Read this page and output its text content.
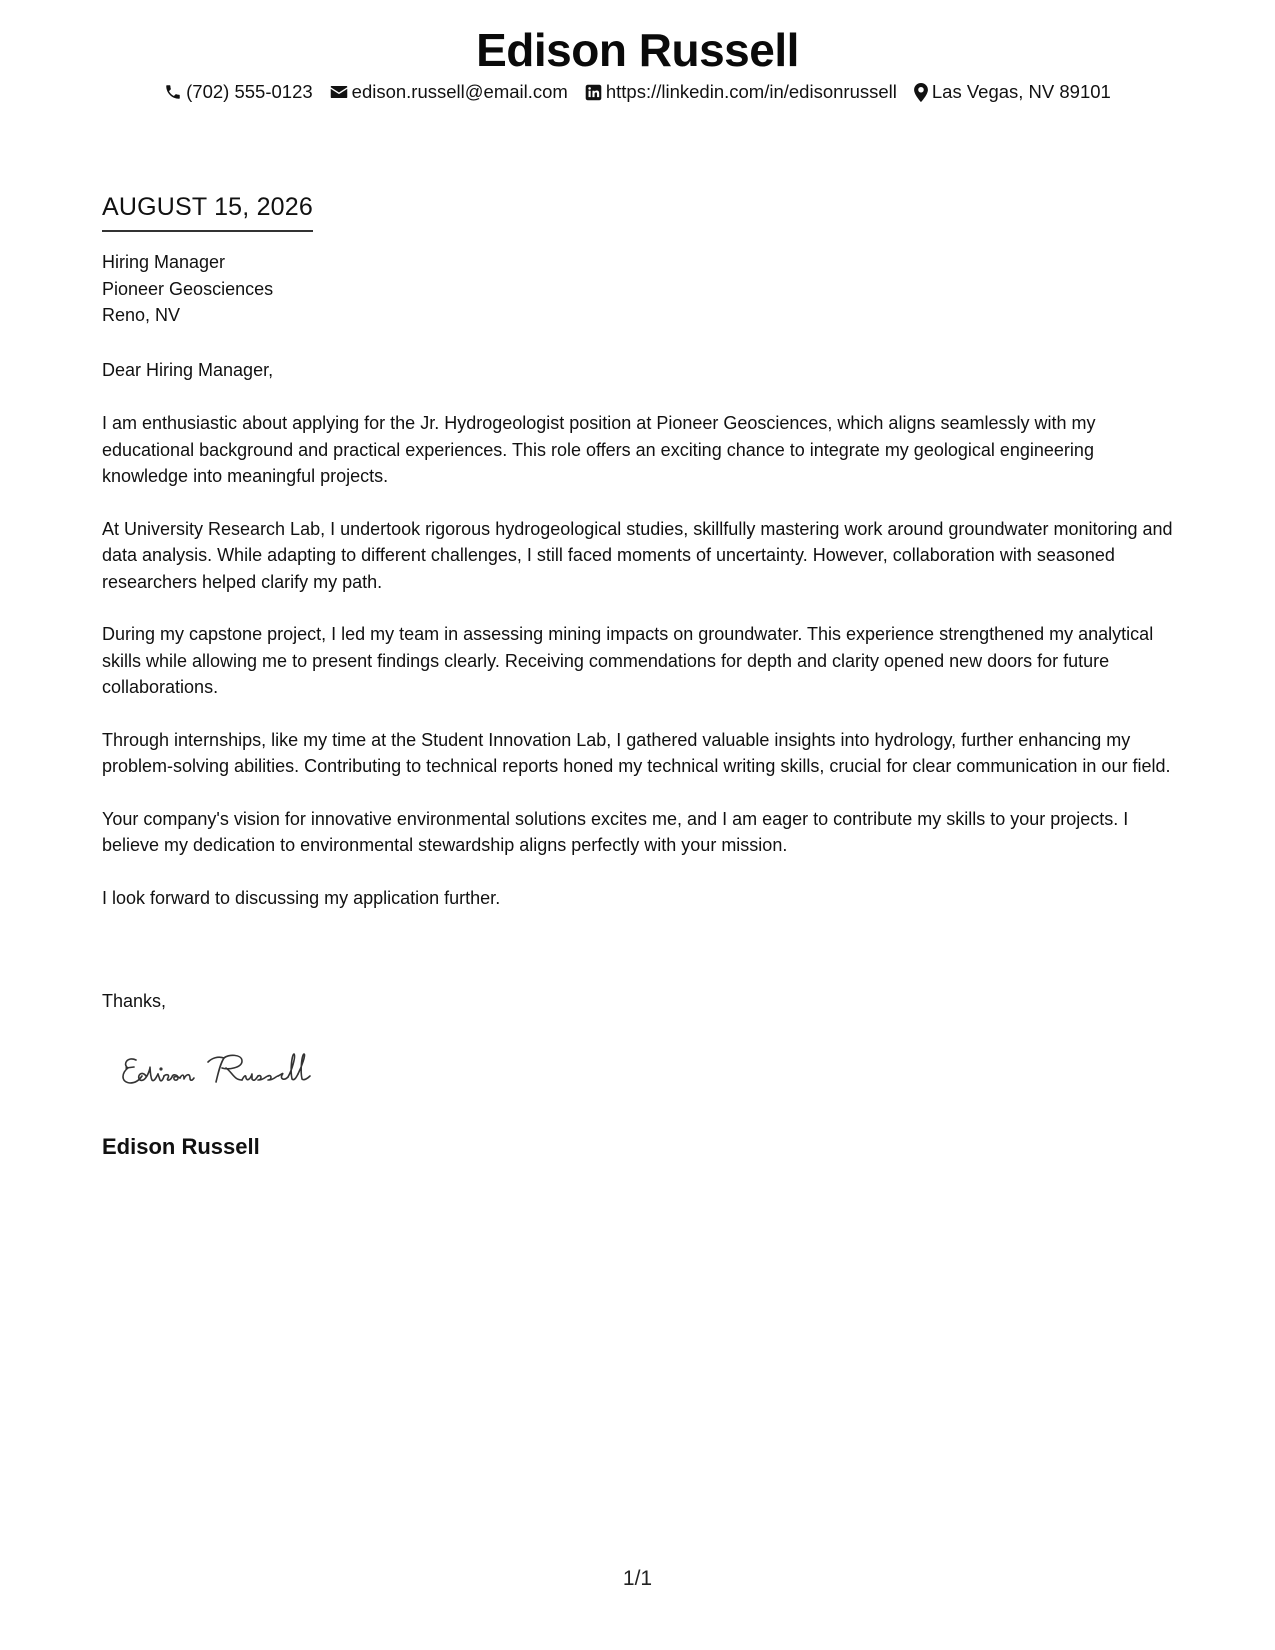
Edison Russell
(702) 555-0123 edison.russell@email.com https://linkedin.com/in/edisonrussell Las Vegas, NV 89101
AUGUST 15, 2026
Hiring Manager
Pioneer Geosciences
Reno, NV
Dear Hiring Manager,

I am enthusiastic about applying for the Jr. Hydrogeologist position at Pioneer Geosciences, which aligns seamlessly with my educational background and practical experiences. This role offers an exciting chance to integrate my geological engineering knowledge into meaningful projects.

At University Research Lab, I undertook rigorous hydrogeological studies, skillfully mastering work around groundwater monitoring and data analysis. While adapting to different challenges, I still faced moments of uncertainty. However, collaboration with seasoned researchers helped clarify my path.

During my capstone project, I led my team in assessing mining impacts on groundwater. This experience strengthened my analytical skills while allowing me to present findings clearly. Receiving commendations for depth and clarity opened new doors for future collaborations.

Through internships, like my time at the Student Innovation Lab, I gathered valuable insights into hydrology, further enhancing my problem-solving abilities. Contributing to technical reports honed my technical writing skills, crucial for clear communication in our field.

Your company's vision for innovative environmental solutions excites me, and I am eager to contribute my skills to your projects. I believe my dedication to environmental stewardship aligns perfectly with your mission.

I look forward to discussing my application further.

Thanks,
Edison Russell
1/1
